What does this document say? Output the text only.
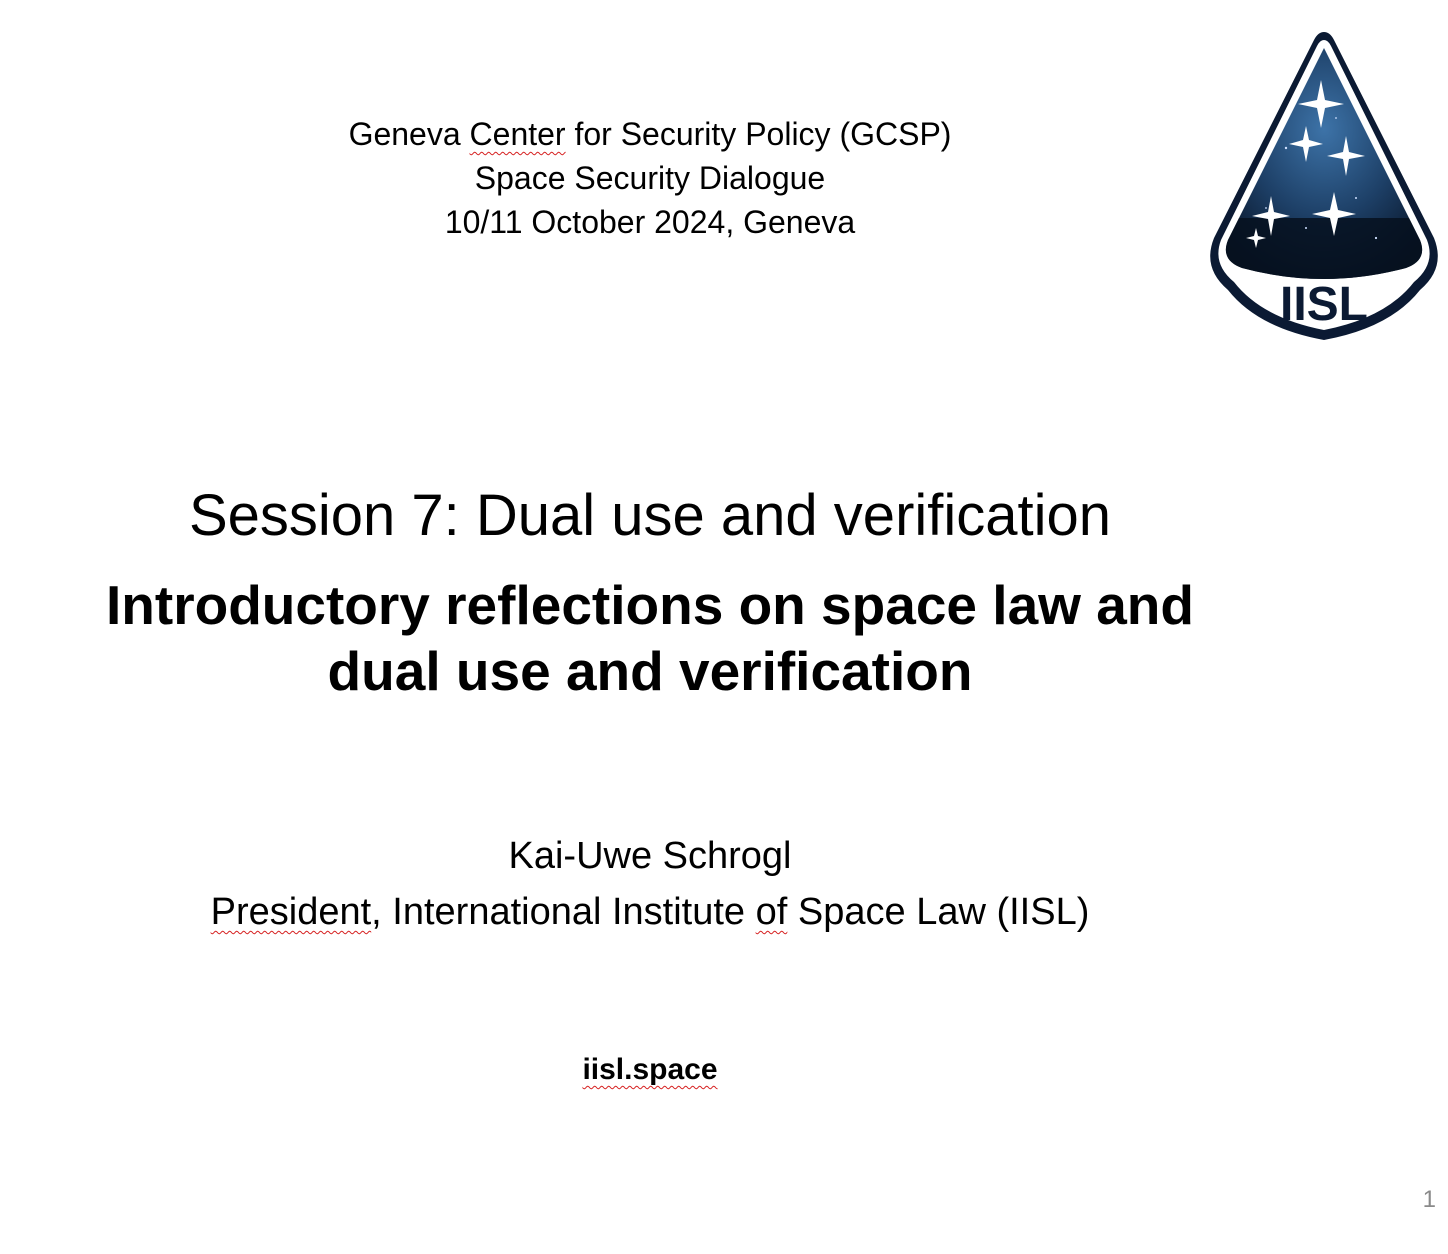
Geneva Center for Security Policy (GCSP)
Space Security Dialogue
10/11 October 2024, Geneva
IISL
Session 7: Dual use and verification
Introductory reflections on space law and
dual use and verification
Kai-Uwe Schrogl
President, International Institute of Space Law (IISL)
iisl.space
1
